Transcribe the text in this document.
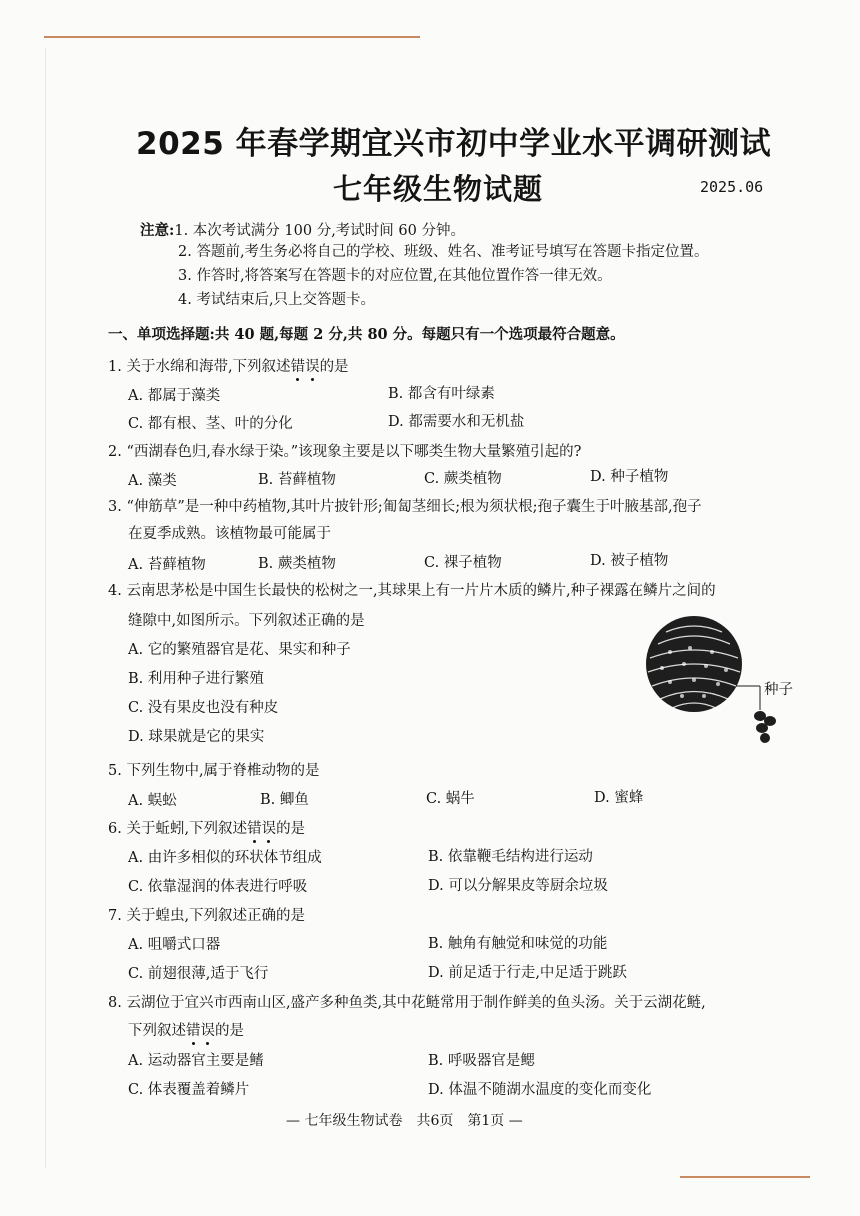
2025 年春学期宜兴市初中学业水平调研测试
七年级生物试题	2025.06
注意:1. 本次考试满分 100 分,考试时间 60 分钟。
2. 答题前,考生务必将自己的学校、班级、姓名、准考证号填写在答题卡指定位置。
3. 作答时,将答案写在答题卡的对应位置,在其他位置作答一律无效。
4. 考试结束后,只上交答题卡。
一、单项选择题:共 40 题,每题 2 分,共 80 分。每题只有一个选项最符合题意。
1. 关于水绵和海带,下列叙述错误的是
A. 都属于藻类	B. 都含有叶绿素
C. 都有根、茎、叶的分化	D. 都需要水和无机盐
2. “西湖春色归,春水绿于染。”该现象主要是以下哪类生物大量繁殖引起的?
A. 藻类	B. 苔藓植物	C. 蕨类植物	D. 种子植物
3. “伸筋草”是一种中药植物,其叶片披针形;匍匐茎细长;根为须状根;孢子囊生于叶腋基部,孢子
在夏季成熟。该植物最可能属于
A. 苔藓植物	B. 蕨类植物	C. 裸子植物	D. 被子植物
4. 云南思茅松是中国生长最快的松树之一,其球果上有一片片木质的鳞片,种子裸露在鳞片之间的
缝隙中,如图所示。下列叙述正确的是
A. 它的繁殖器官是花、果实和种子
B. 利用种子进行繁殖
C. 没有果皮也没有种皮
D. 球果就是它的果实
种子
5. 下列生物中,属于脊椎动物的是
A. 蜈蚣	B. 鲫鱼	C. 蜗牛	D. 蜜蜂
6. 关于蚯蚓,下列叙述错误的是
A. 由许多相似的环状体节组成	B. 依靠鞭毛结构进行运动
C. 依靠湿润的体表进行呼吸	D. 可以分解果皮等厨余垃圾
7. 关于蝗虫,下列叙述正确的是
A. 咀嚼式口器	B. 触角有触觉和味觉的功能
C. 前翅很薄,适于飞行	D. 前足适于行走,中足适于跳跃
8. 云湖位于宜兴市西南山区,盛产多种鱼类,其中花鲢常用于制作鲜美的鱼头汤。关于云湖花鲢,
下列叙述错误的是
A. 运动器官主要是鳍	B. 呼吸器官是鳃
C. 体表覆盖着鳞片	D. 体温不随湖水温度的变化而变化
— 七年级生物试卷　共6页　第1页 —
